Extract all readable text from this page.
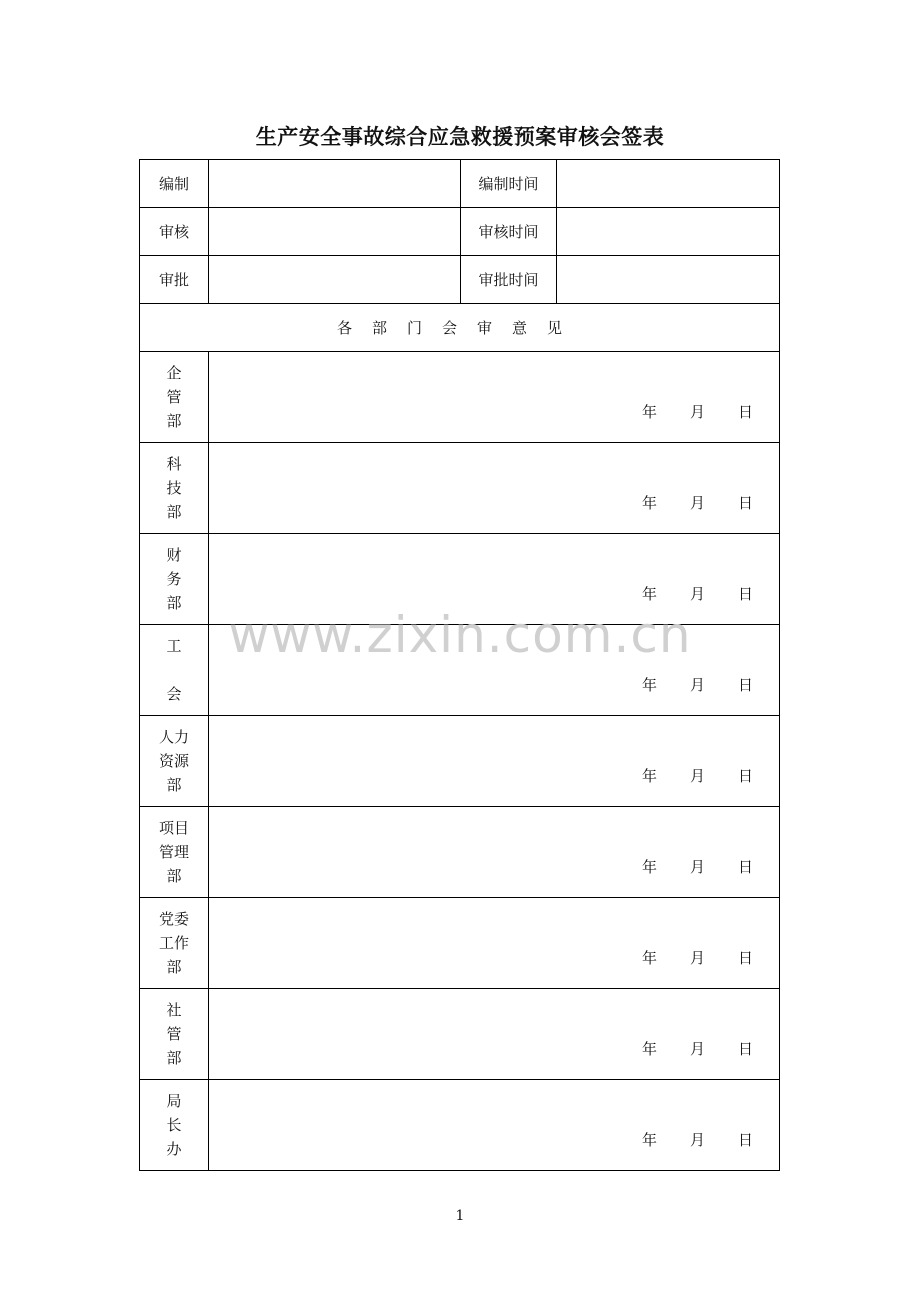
生产安全事故综合应急救援预案审核会签表
编制		编制时间	
审核		审核时间	
审批		审批时间	
各部门会审意见			

企
管
部	年 月 日		

科
技
部	年 月 日		

财
务
部	年 月 日		

工
会	年 月 日		

人力
资源
部	年 月 日		

项目
管理
部	年 月 日		

党委
工作
部	年 月 日		

社
管
部	年 月 日		

局
长
办	年 月 日		
www.zixin.com.cn
1
